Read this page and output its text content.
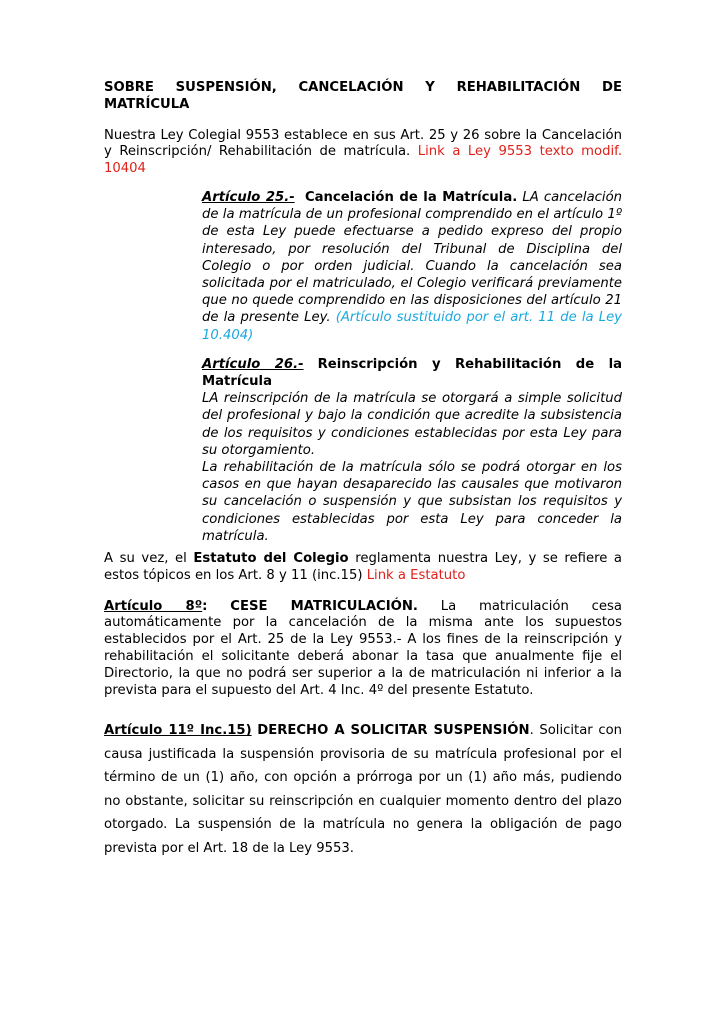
SOBRE SUSPENSIÓN, CANCELACIÓN Y REHABILITACIÓN DE
MATRÍCULA

Nuestra Ley Colegial 9553 establece en sus Art. 25 y 26 sobre la Cancelación y Reinscripción/ Rehabilitación de matrícula. Link a Ley 9553 texto modif. 10404

Artículo 25.- Cancelación de la Matrícula. LA cancelación de la matrícula de un profesional comprendido en el artículo 1º de esta Ley puede efectuarse a pedido expreso del propio interesado, por resolución del Tribunal de Disciplina del Colegio o por orden judicial. Cuando la cancelación sea solicitada por el matriculado, el Colegio verificará previamente que no quede comprendido en las disposiciones del artículo 21 de la presente Ley. (Artículo sustituido por el art. 11 de la Ley 10.404)

Artículo 26.- Reinscripción y Rehabilitación de la
Matrícula

LA reinscripción de la matrícula se otorgará a simple solicitud del profesional y bajo la condición que acredite la subsistencia de los requisitos y condiciones establecidas por esta Ley para su otorgamiento.

La rehabilitación de la matrícula sólo se podrá otorgar en los casos en que hayan desaparecido las causales que motivaron su cancelación o suspensión y que subsistan los requisitos y condiciones establecidas por esta Ley para conceder la matrícula.

A su vez, el Estatuto del Colegio reglamenta nuestra Ley, y se refiere a estos tópicos en los Art. 8 y 11 (inc.15) Link a Estatuto

Artículo 8º: CESE MATRICULACIÓN. La matriculación cesa
automáticamente por la cancelación de la misma ante los supuestos establecidos por el Art. 25 de la Ley 9553.- A los fines de la reinscripción y rehabilitación el solicitante deberá abonar la tasa que anualmente fije el Directorio, la que no podrá ser superior a la de matriculación ni inferior a la prevista para el supuesto del Art. 4 Inc. 4º del presente Estatuto.

Artículo 11º Inc.15) DERECHO A SOLICITAR SUSPENSIÓN. Solicitar con causa justificada la suspensión provisoria de su matrícula profesional por el término de un (1) año, con opción a prórroga por un (1) año más, pudiendo no obstante, solicitar su reinscripción en cualquier momento dentro del plazo otorgado. La suspensión de la matrícula no genera la obligación de pago prevista por el Art. 18 de la Ley 9553.
